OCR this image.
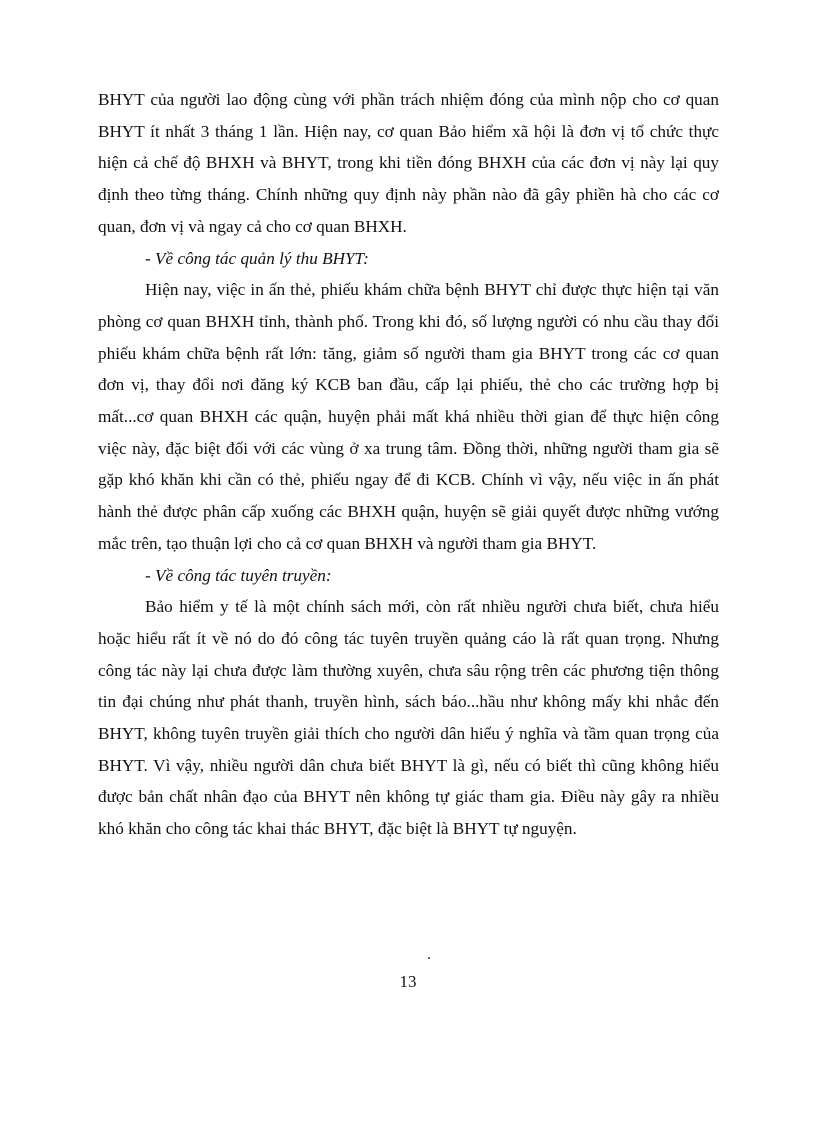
BHYT của người lao động cùng với phần trách nhiệm đóng của mình nộp cho cơ quan BHYT ít nhất 3 tháng 1 lần. Hiện nay, cơ quan Bảo hiểm xã hội là đơn vị tổ chức thực hiện cả chế độ BHXH và BHYT, trong khi tiền đóng BHXH của các đơn vị này lại quy định theo từng tháng. Chính những quy định này phần nào đã gây phiền hà cho các cơ quan, đơn vị và ngay cả cho cơ quan BHXH.

- Về công tác quản lý thu BHYT:

Hiện nay, việc in ấn thẻ, phiếu khám chữa bệnh BHYT chỉ được thực hiện tại văn phòng cơ quan BHXH tỉnh, thành phố. Trong khi đó, số lượng người có nhu cầu thay đổi phiếu khám chữa bệnh rất lớn: tăng, giảm số người tham gia BHYT trong các cơ quan đơn vị, thay đổi nơi đăng ký KCB ban đầu, cấp lại phiếu, thẻ cho các trường hợp bị mất...cơ quan BHXH các quận, huyện phải mất khá nhiều thời gian để thực hiện công việc này, đặc biệt đối với các vùng ở xa trung tâm. Đồng thời, những người tham gia sẽ gặp khó khăn khi cần có thẻ, phiếu ngay để đi KCB. Chính vì vậy, nếu việc in ấn phát hành thẻ được phân cấp xuống các BHXH quận, huyện sẽ giải quyết được những vướng mắc trên, tạo thuận lợi cho cả cơ quan BHXH và người tham gia BHYT.

- Về công tác tuyên truyền:

Bảo hiểm y tế là một chính sách mới, còn rất nhiều người chưa biết, chưa hiểu hoặc hiểu rất ít về nó do đó công tác tuyên truyền quảng cáo là rất quan trọng. Nhưng công tác này lại chưa được làm thường xuyên, chưa sâu rộng trên các phương tiện thông tin đại chúng như phát thanh, truyền hình, sách báo...hầu như không mấy khi nhắc đến BHYT, không tuyên truyền giải thích cho người dân hiểu ý nghĩa và tầm quan trọng của BHYT. Vì vậy, nhiều người dân chưa biết BHYT là gì, nếu có biết thì cũng không hiểu được bản chất nhân đạo của BHYT nên không tự giác tham gia. Điều này gây ra nhiều khó khăn cho công tác khai thác BHYT, đặc biệt là BHYT tự nguyện.

13
